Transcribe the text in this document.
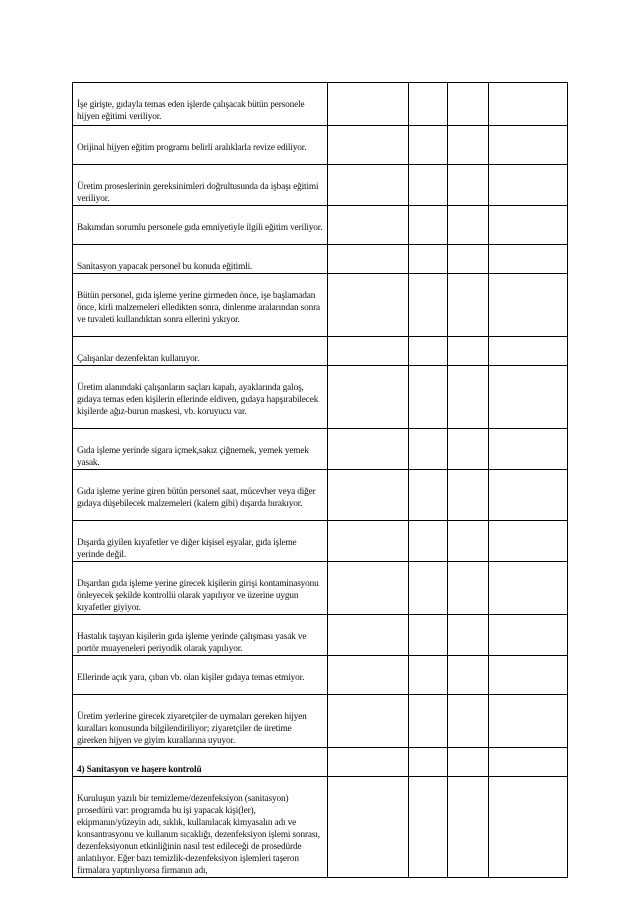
İşe girişte, gıdayla temas eden işlerde çalışacak bütün personele hijyen eğitimi veriliyor.				

Orijinal hijyen eğitim programı belirli aralıklarla revize ediliyor.				

Üretim proseslerinin gereksinimleri doğrultusunda da işbaşı eğitimi veriliyor.				

Bakımdan sorumlu personele gıda emniyetiyle ilgili eğitim veriliyor.				

Sanitasyon yapacak personel bu konuda eğitimli.				

Bütün personel, gıda işleme yerine girmeden önce, işe başlamadan önce, kirli malzemeleri elledikten sonra, dinlenme aralarından sonra ve tuvaleti kullandıktan sonra ellerini yıkıyor.				

Çalışanlar dezenfektan kullanıyor.				

Üretim alanındaki çalışanların saçları kapalı, ayaklarında galoş, gıdaya temas eden kişilerin ellerinde eldiven, gıdaya hapşırabilecek kişilerde ağız-burun maskesi, vb. koruyucu var.				

Gıda işleme yerinde sigara içmek,sakız çiğnemek, yemek yemek yasak.				

Gıda işleme yerine giren bütün personel saat, mücevher veya diğer gıdaya düşebilecek malzemeleri (kalem gibi) dışarda bırakıyor.				

Dışarda giyilen kıyafetler ve diğer kişisel eşyalar, gıda işleme yerinde değil.				

Dışardan gıda işleme yerine girecek kişilerin girişi kontaminasyonu önleyecek şekilde kontrollü olarak yapılıyor ve üzerine uygun kıyafetler giyiyor.				

Hastalık taşıyan kişilerin gıda işleme yerinde çalışması yasak ve portör muayeneleri periyodik olarak yapılıyor.				

Ellerinde açık yara, çıban vb. olan kişiler gıdaya temas etmiyor.				

Üretim yerlerine girecek ziyaretçiler de uymaları gereken hijyen kuralları konusunda bilgilendiriliyor; ziyaretçiler de üretime girerken hijyen ve giyim kurallarına uyuyor.				

4) Sanitasyon ve haşere kontrolü				

Kuruluşun yazılı bir temizleme/dezenfeksiyon (sanitasyon) prosedürü var: programda bu işi yapacak kişi(ler), ekipmanın/yüzeyin adı, sıklık, kullanılacak kimyasalın adı ve konsantrasyonu ve kullanım sıcaklığı, dezenfeksiyon işlemi sonrası, dezenfeksiyonun etkinliğinin nasıl test edileceği de prosedürde anlatılıyor. Eğer bazı temizlik-dezenfeksiyon işlemleri taşeron firmalara yaptırılıyorsa firmanın adı,				
